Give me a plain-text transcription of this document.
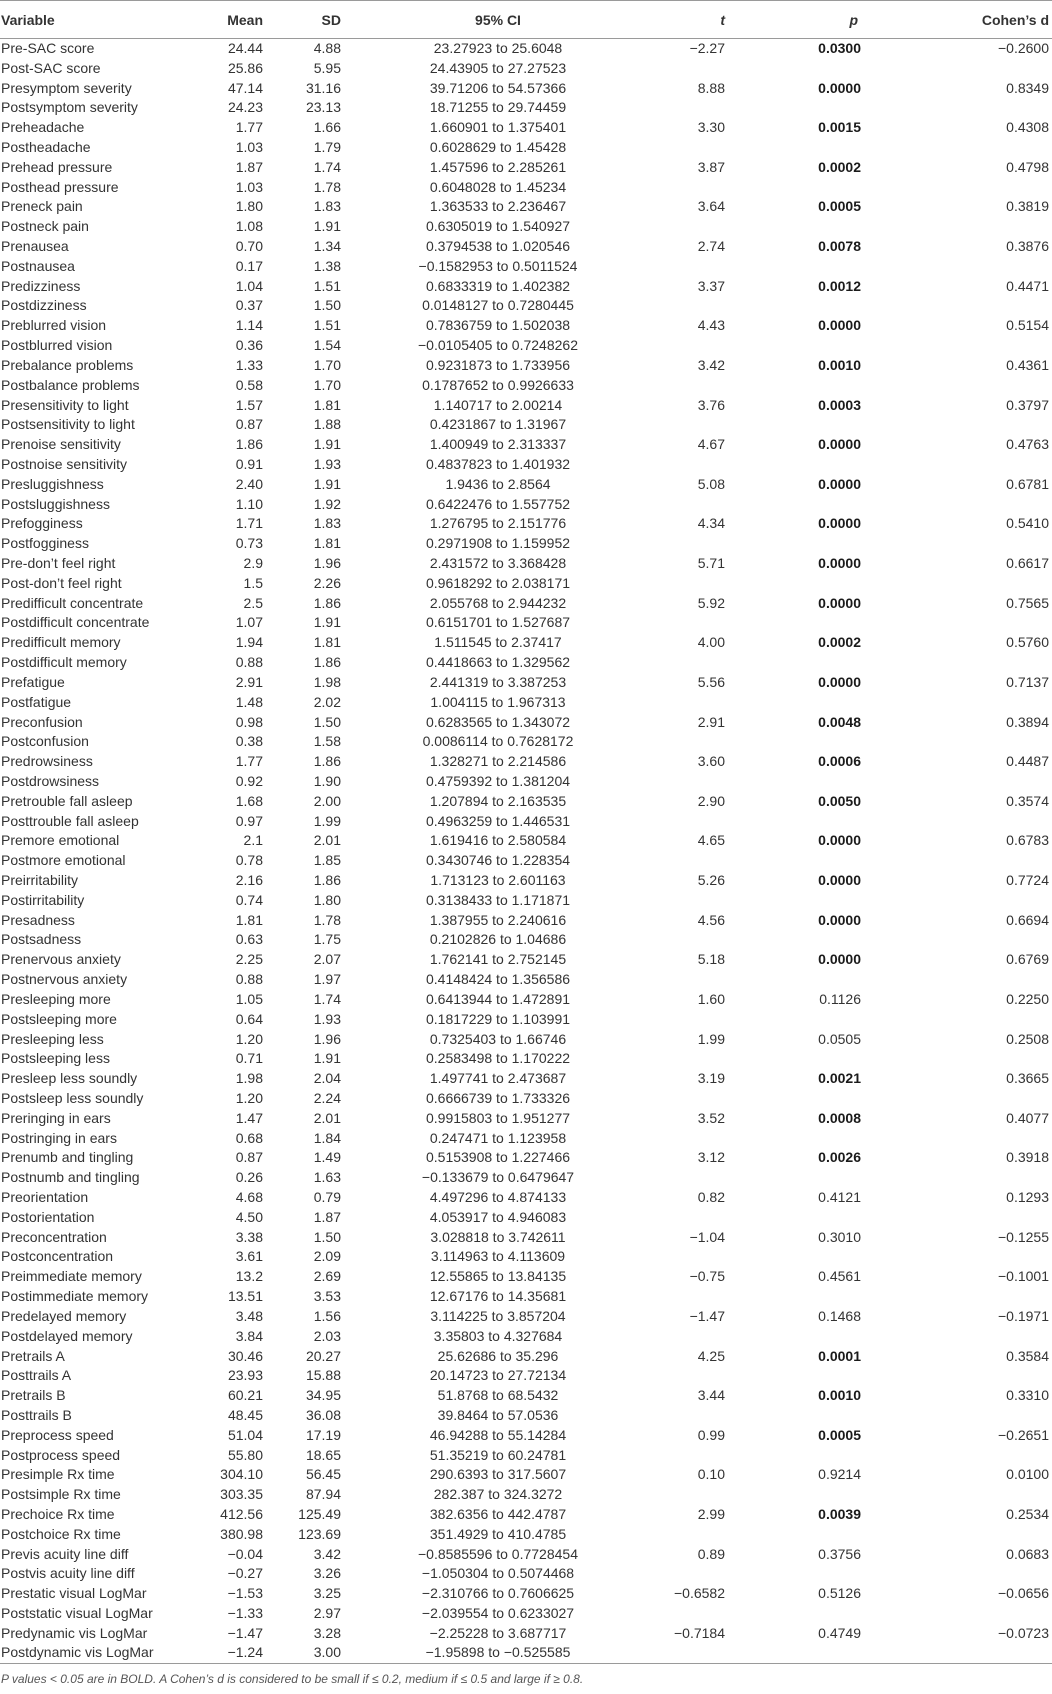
Variable	Mean	SD	95% CI	t	p	Cohen’s d
Pre-SAC score	24.44	4.88	23.27923 to 25.6048	−2.27	0.0300	−0.2600
Post-SAC score	25.86	5.95	24.43905 to 27.27523			
Presymptom severity	47.14	31.16	39.71206 to 54.57366	8.88	0.0000	0.8349
Postsymptom severity	24.23	23.13	18.71255 to 29.74459			
Preheadache	1.77	1.66	1.660901 to 1.375401	3.30	0.0015	0.4308
Postheadache	1.03	1.79	0.6028629 to 1.45428			
Prehead pressure	1.87	1.74	1.457596 to 2.285261	3.87	0.0002	0.4798
Posthead pressure	1.03	1.78	0.6048028 to 1.45234			
Preneck pain	1.80	1.83	1.363533 to 2.236467	3.64	0.0005	0.3819
Postneck pain	1.08	1.91	0.6305019 to 1.540927			
Prenausea	0.70	1.34	0.3794538 to 1.020546	2.74	0.0078	0.3876
Postnausea	0.17	1.38	−0.1582953 to 0.5011524			
Predizziness	1.04	1.51	0.6833319 to 1.402382	3.37	0.0012	0.4471
Postdizziness	0.37	1.50	0.0148127 to 0.7280445			
Preblurred vision	1.14	1.51	0.7836759 to 1.502038	4.43	0.0000	0.5154
Postblurred vision	0.36	1.54	−0.0105405 to 0.7248262			
Prebalance problems	1.33	1.70	0.9231873 to 1.733956	3.42	0.0010	0.4361
Postbalance problems	0.58	1.70	0.1787652 to 0.9926633			
Presensitivity to light	1.57	1.81	1.140717 to 2.00214	3.76	0.0003	0.3797
Postsensitivity to light	0.87	1.88	0.4231867 to 1.31967			
Prenoise sensitivity	1.86	1.91	1.400949 to 2.313337	4.67	0.0000	0.4763
Postnoise sensitivity	0.91	1.93	0.4837823 to 1.401932			
Presluggishness	2.40	1.91	1.9436 to 2.8564	5.08	0.0000	0.6781
Postsluggishness	1.10	1.92	0.6422476 to 1.557752			
Prefogginess	1.71	1.83	1.276795 to 2.151776	4.34	0.0000	0.5410
Postfogginess	0.73	1.81	0.2971908 to 1.159952			
Pre-don’t feel right	2.9	1.96	2.431572 to 3.368428	5.71	0.0000	0.6617
Post-don’t feel right	1.5	2.26	0.9618292 to 2.038171			
Predifficult concentrate	2.5	1.86	2.055768 to 2.944232	5.92	0.0000	0.7565
Postdifficult concentrate	1.07	1.91	0.6151701 to 1.527687			
Predifficult memory	1.94	1.81	1.511545 to 2.37417	4.00	0.0002	0.5760
Postdifficult memory	0.88	1.86	0.4418663 to 1.329562			
Prefatigue	2.91	1.98	2.441319 to 3.387253	5.56	0.0000	0.7137
Postfatigue	1.48	2.02	1.004115 to 1.967313			
Preconfusion	0.98	1.50	0.6283565 to 1.343072	2.91	0.0048	0.3894
Postconfusion	0.38	1.58	0.0086114 to 0.7628172			
Predrowsiness	1.77	1.86	1.328271 to 2.214586	3.60	0.0006	0.4487
Postdrowsiness	0.92	1.90	0.4759392 to 1.381204			
Pretrouble fall asleep	1.68	2.00	1.207894 to 2.163535	2.90	0.0050	0.3574
Posttrouble fall asleep	0.97	1.99	0.4963259 to 1.446531			
Premore emotional	2.1	2.01	1.619416 to 2.580584	4.65	0.0000	0.6783
Postmore emotional	0.78	1.85	0.3430746 to 1.228354			
Preirritability	2.16	1.86	1.713123 to 2.601163	5.26	0.0000	0.7724
Postirritability	0.74	1.80	0.3138433 to 1.171871			
Presadness	1.81	1.78	1.387955 to 2.240616	4.56	0.0000	0.6694
Postsadness	0.63	1.75	0.2102826 to 1.04686			
Prenervous anxiety	2.25	2.07	1.762141 to 2.752145	5.18	0.0000	0.6769
Postnervous anxiety	0.88	1.97	0.4148424 to 1.356586			
Presleeping more	1.05	1.74	0.6413944 to 1.472891	1.60	0.1126	0.2250
Postsleeping more	0.64	1.93	0.1817229 to 1.103991			
Presleeping less	1.20	1.96	0.7325403 to 1.66746	1.99	0.0505	0.2508
Postsleeping less	0.71	1.91	0.2583498 to 1.170222			
Presleep less soundly	1.98	2.04	1.497741 to 2.473687	3.19	0.0021	0.3665
Postsleep less soundly	1.20	2.24	0.6666739 to 1.733326			
Preringing in ears	1.47	2.01	0.9915803 to 1.951277	3.52	0.0008	0.4077
Postringing in ears	0.68	1.84	0.247471 to 1.123958			
Prenumb and tingling	0.87	1.49	0.5153908 to 1.227466	3.12	0.0026	0.3918
Postnumb and tingling	0.26	1.63	−0.133679 to 0.6479647			
Preorientation	4.68	0.79	4.497296 to 4.874133	0.82	0.4121	0.1293
Postorientation	4.50	1.87	4.053917 to 4.946083			
Preconcentration	3.38	1.50	3.028818 to 3.742611	−1.04	0.3010	−0.1255
Postconcentration	3.61	2.09	3.114963 to 4.113609			
Preimmediate memory	13.2	2.69	12.55865 to 13.84135	−0.75	0.4561	−0.1001
Postimmediate memory	13.51	3.53	12.67176 to 14.35681			
Predelayed memory	3.48	1.56	3.114225 to 3.857204	−1.47	0.1468	−0.1971
Postdelayed memory	3.84	2.03	3.35803 to 4.327684			
Pretrails A	30.46	20.27	25.62686 to 35.296	4.25	0.0001	0.3584
Posttrails A	23.93	15.88	20.14723 to 27.72134			
Pretrails B	60.21	34.95	51.8768 to 68.5432	3.44	0.0010	0.3310
Posttrails B	48.45	36.08	39.8464 to 57.0536			
Preprocess speed	51.04	17.19	46.94288 to 55.14284	0.99	0.0005	−0.2651
Postprocess speed	55.80	18.65	51.35219 to 60.24781			
Presimple Rx time	304.10	56.45	290.6393 to 317.5607	0.10	0.9214	0.0100
Postsimple Rx time	303.35	87.94	282.387 to 324.3272			
Prechoice Rx time	412.56	125.49	382.6356 to 442.4787	2.99	0.0039	0.2534
Postchoice Rx time	380.98	123.69	351.4929 to 410.4785			
Previs acuity line diff	−0.04	3.42	−0.8585596 to 0.7728454	0.89	0.3756	0.0683
Postvis acuity line diff	−0.27	3.26	−1.050304 to 0.5074468			
Prestatic visual LogMar	−1.53	3.25	−2.310766 to 0.7606625	−0.6582	0.5126	−0.0656
Poststatic visual LogMar	−1.33	2.97	−2.039554 to 0.6233027			
Predynamic vis LogMar	−1.47	3.28	−2.25228 to 3.687717	−0.7184	0.4749	−0.0723
Postdynamic vis LogMar	−1.24	3.00	−1.95898 to −0.525585			
P values < 0.05 are in BOLD. A Cohen’s d is considered to be small if ≤ 0.2, medium if ≤ 0.5 and large if ≥ 0.8.
